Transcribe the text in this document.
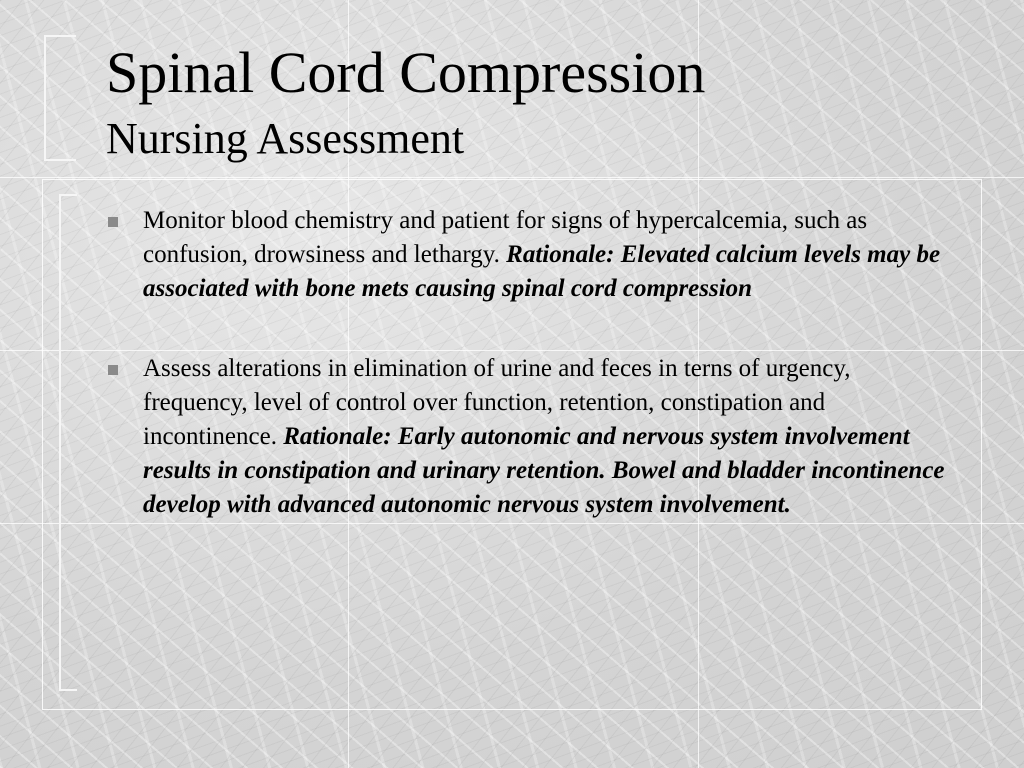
Spinal Cord Compression
Nursing Assessment
Monitor blood chemistry and patient for signs of hypercalcemia, such as confusion, drowsiness and lethargy. Rationale: Elevated calcium levels may be associated with bone mets causing spinal cord compression
Assess alterations in elimination of urine and feces in terns of urgency, frequency, level of control over function, retention, constipation and incontinence. Rationale: Early autonomic and nervous system involvement results in constipation and urinary retention. Bowel and bladder incontinence develop with advanced autonomic nervous system involvement.
